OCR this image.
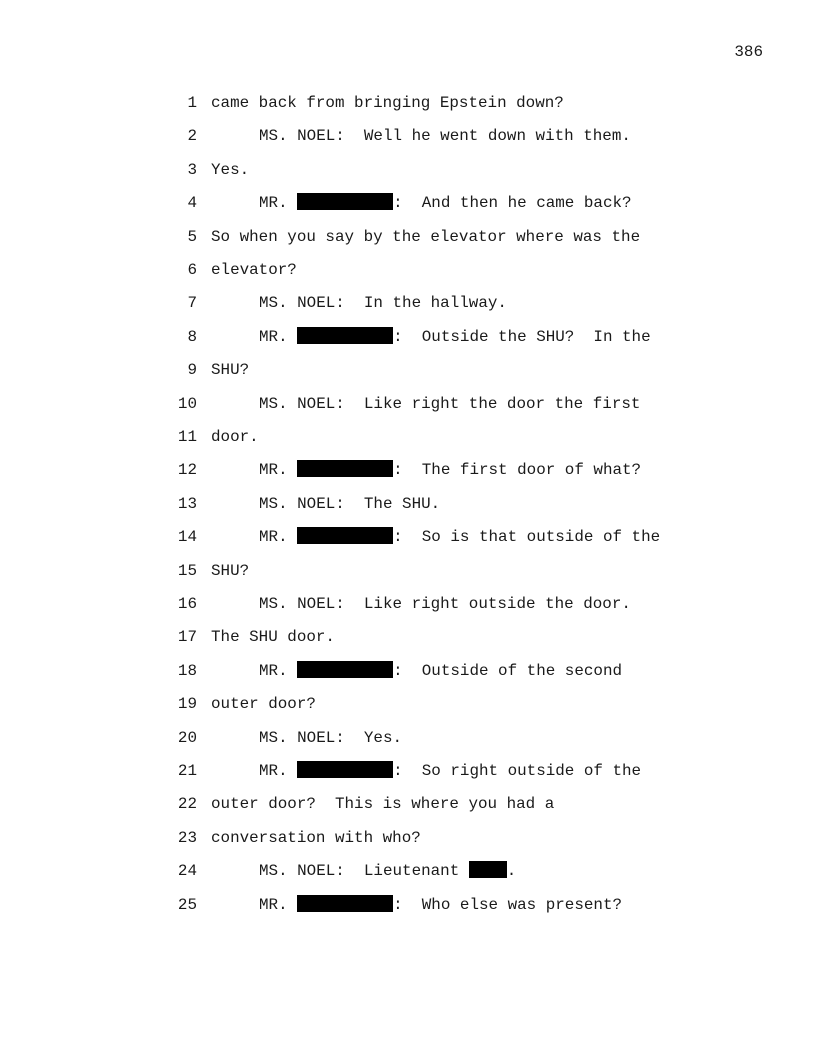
386
1 came back from bringing Epstein down?
2	MS. NOEL:  Well he went down with them.
3 Yes.
4	MR.	:  And then he came back?
5 So when you say by the elevator where was the
6 elevator?
7	MS. NOEL:  In the hallway.
8	MR.	:  Outside the SHU?  In the
9 SHU?
10	MS. NOEL:  Like right the door the first
11 door.
12	MR.	:  The first door of what?
13	MS. NOEL:  The SHU.
14	MR.	:  So is that outside of the
15 SHU?
16	MS. NOEL:  Like right outside the door.
17 The SHU door.
18	MR.	:  Outside of the second
19 outer door?
20	MS. NOEL:  Yes.
21	MR.	:  So right outside of the
22 outer door?  This is where you had a
23 conversation with who?
24	MS. NOEL:  Lieutenant .
25	MR.	:  Who else was present?
